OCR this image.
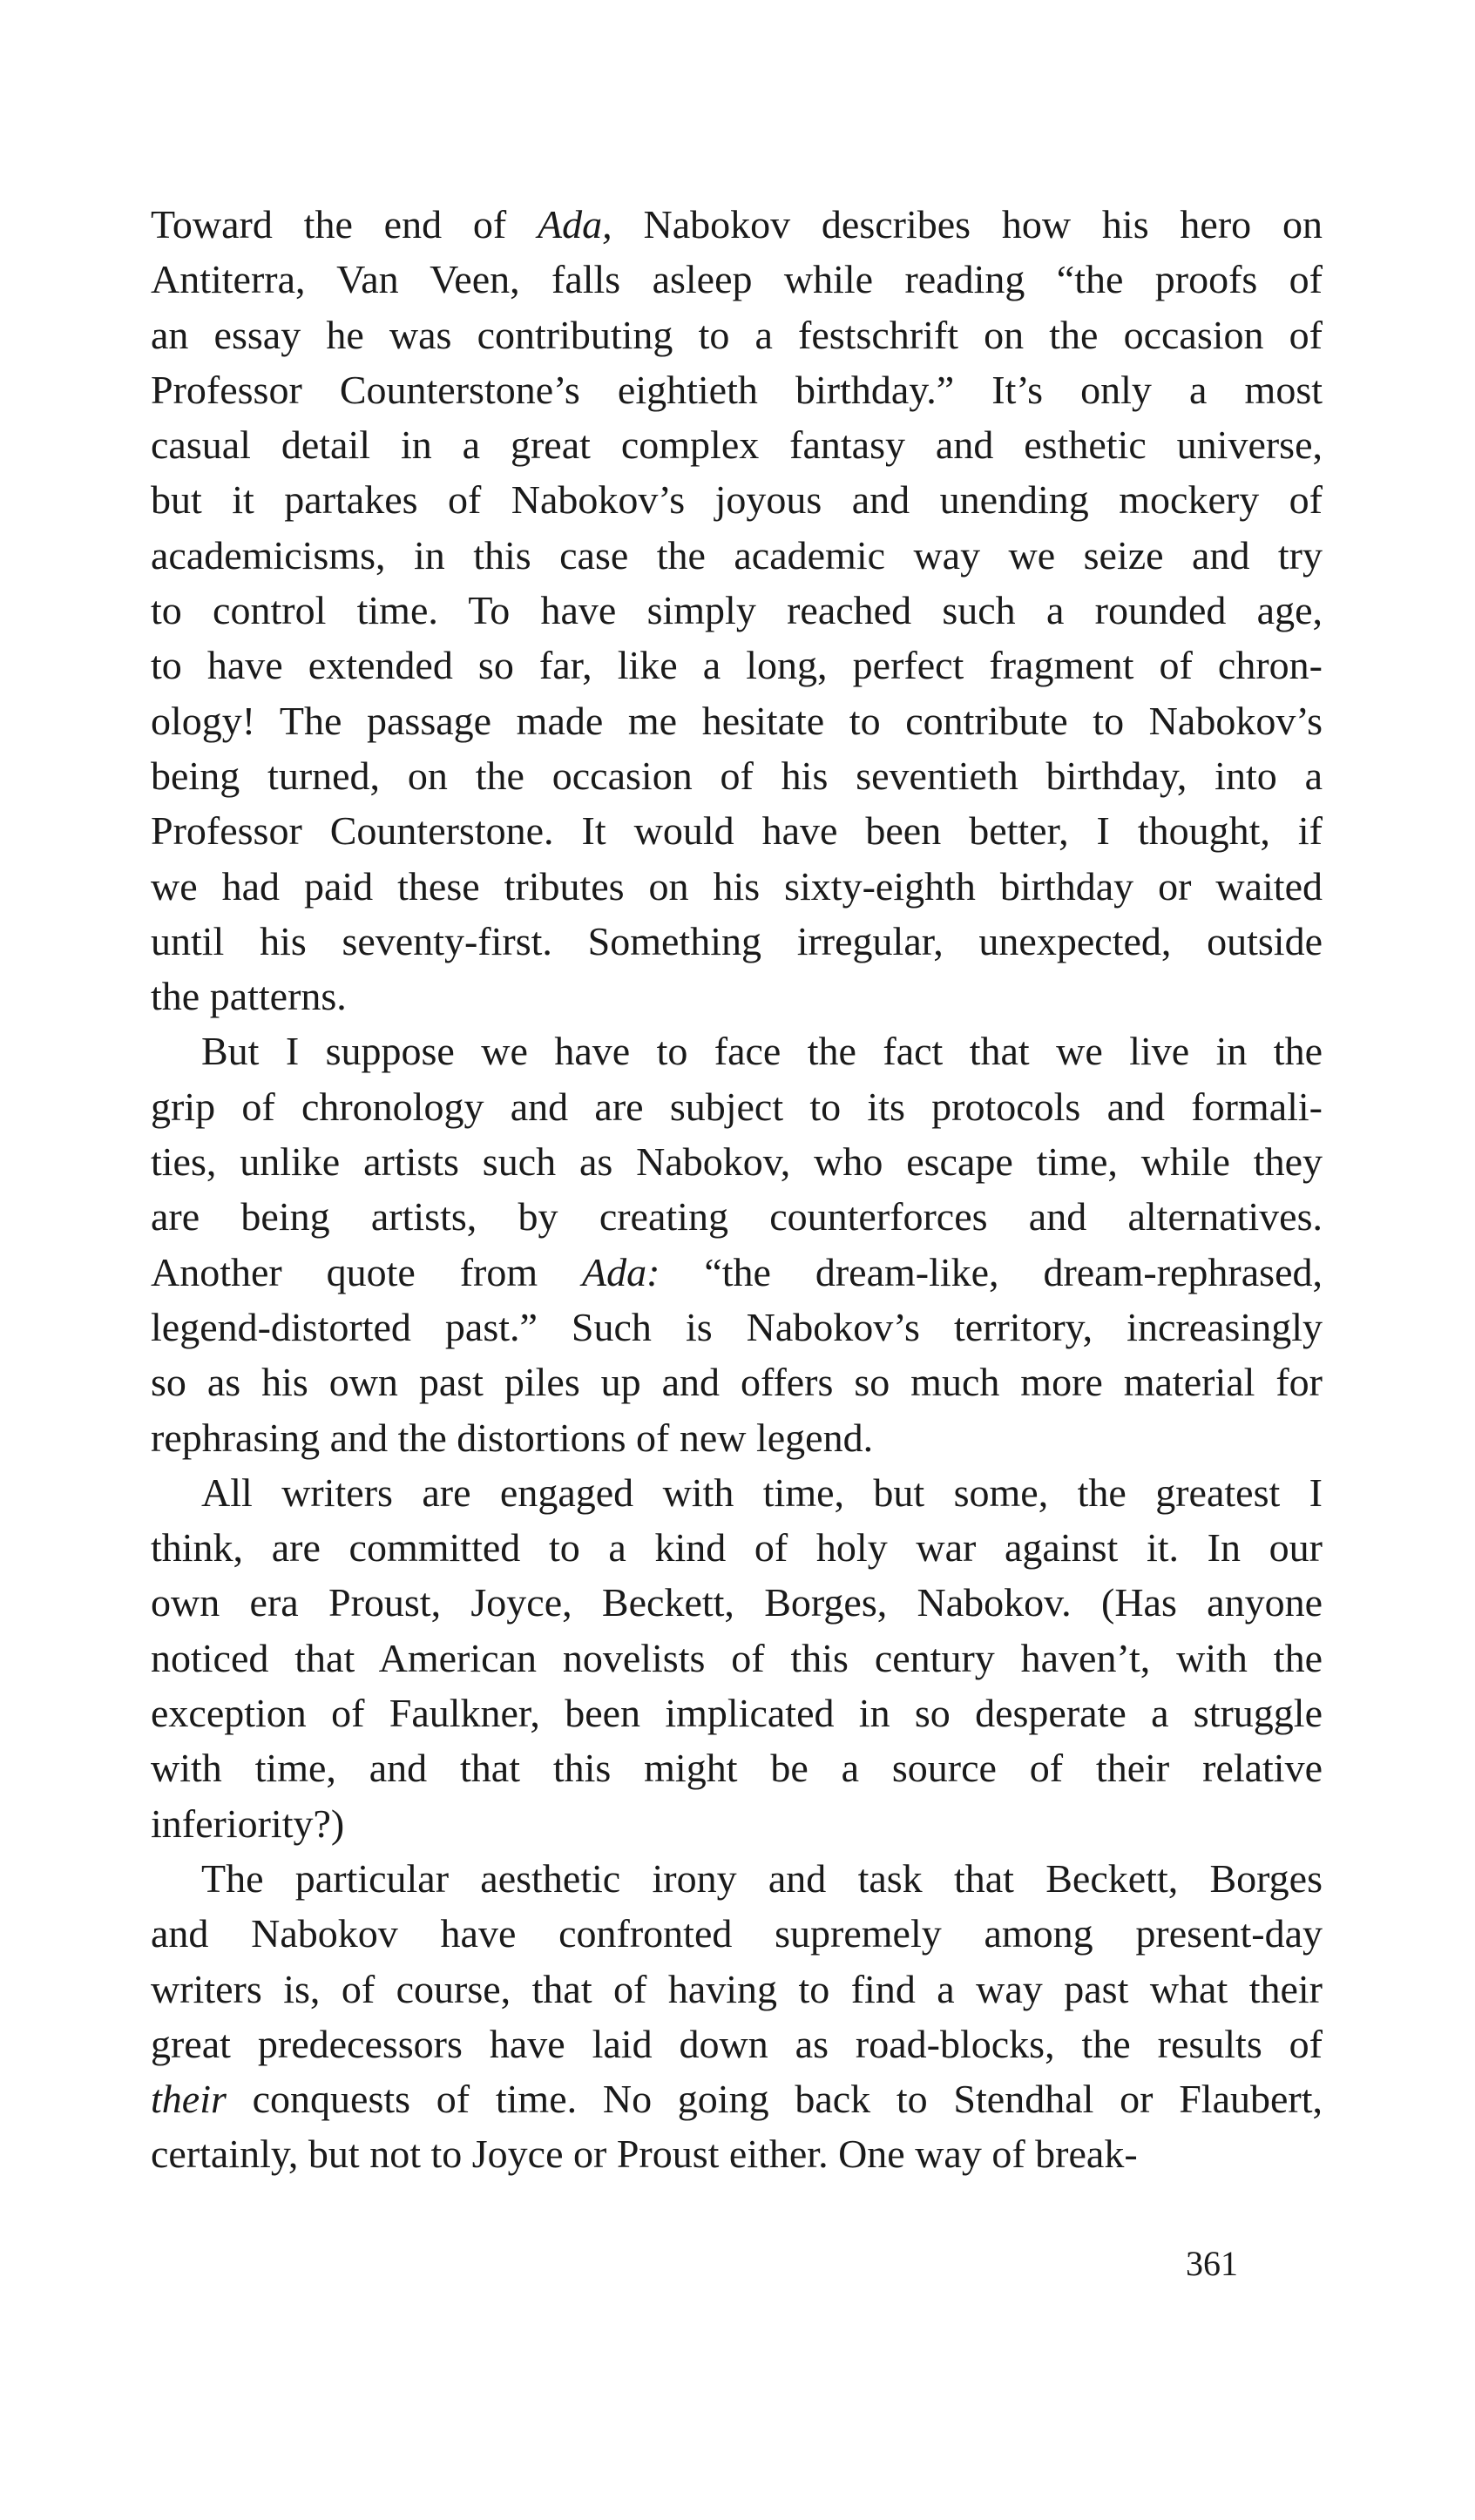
Toward the end of Ada, Nabokov describes how his hero on
Antiterra, Van Veen, falls asleep while reading “the proofs of
an essay he was contributing to a festschrift on the occasion of
Professor Counterstone’s eightieth birthday.” It’s only a most
casual detail in a great complex fantasy and esthetic universe,
but it partakes of Nabokov’s joyous and unending mockery of
academicisms, in this case the academic way we seize and try
to control time. To have simply reached such a rounded age,
to have extended so far, like a long, perfect fragment of chron-
ology! The passage made me hesitate to contribute to Nabokov’s
being turned, on the occasion of his seventieth birthday, into a
Professor Counterstone. It would have been better, I thought, if
we had paid these tributes on his sixty-eighth birthday or waited
until his seventy-first. Something irregular, unexpected, outside
the patterns.
But I suppose we have to face the fact that we live in the
grip of chronology and are subject to its protocols and formali-
ties, unlike artists such as Nabokov, who escape time, while they
are being artists, by creating counterforces and alternatives.
Another quote from Ada: “the dream-like, dream-rephrased,
legend-distorted past.” Such is Nabokov’s territory, increasingly
so as his own past piles up and offers so much more material for
rephrasing and the distortions of new legend.
All writers are engaged with time, but some, the greatest I
think, are committed to a kind of holy war against it. In our
own era Proust, Joyce, Beckett, Borges, Nabokov. (Has anyone
noticed that American novelists of this century haven’t, with the
exception of Faulkner, been implicated in so desperate a struggle
with time, and that this might be a source of their relative
inferiority?)
The particular aesthetic irony and task that Beckett, Borges
and Nabokov have confronted supremely among present-day
writers is, of course, that of having to find a way past what their
great predecessors have laid down as road-blocks, the results of
their conquests of time. No going back to Stendhal or Flaubert,
certainly, but not to Joyce or Proust either. One way of break-
361
